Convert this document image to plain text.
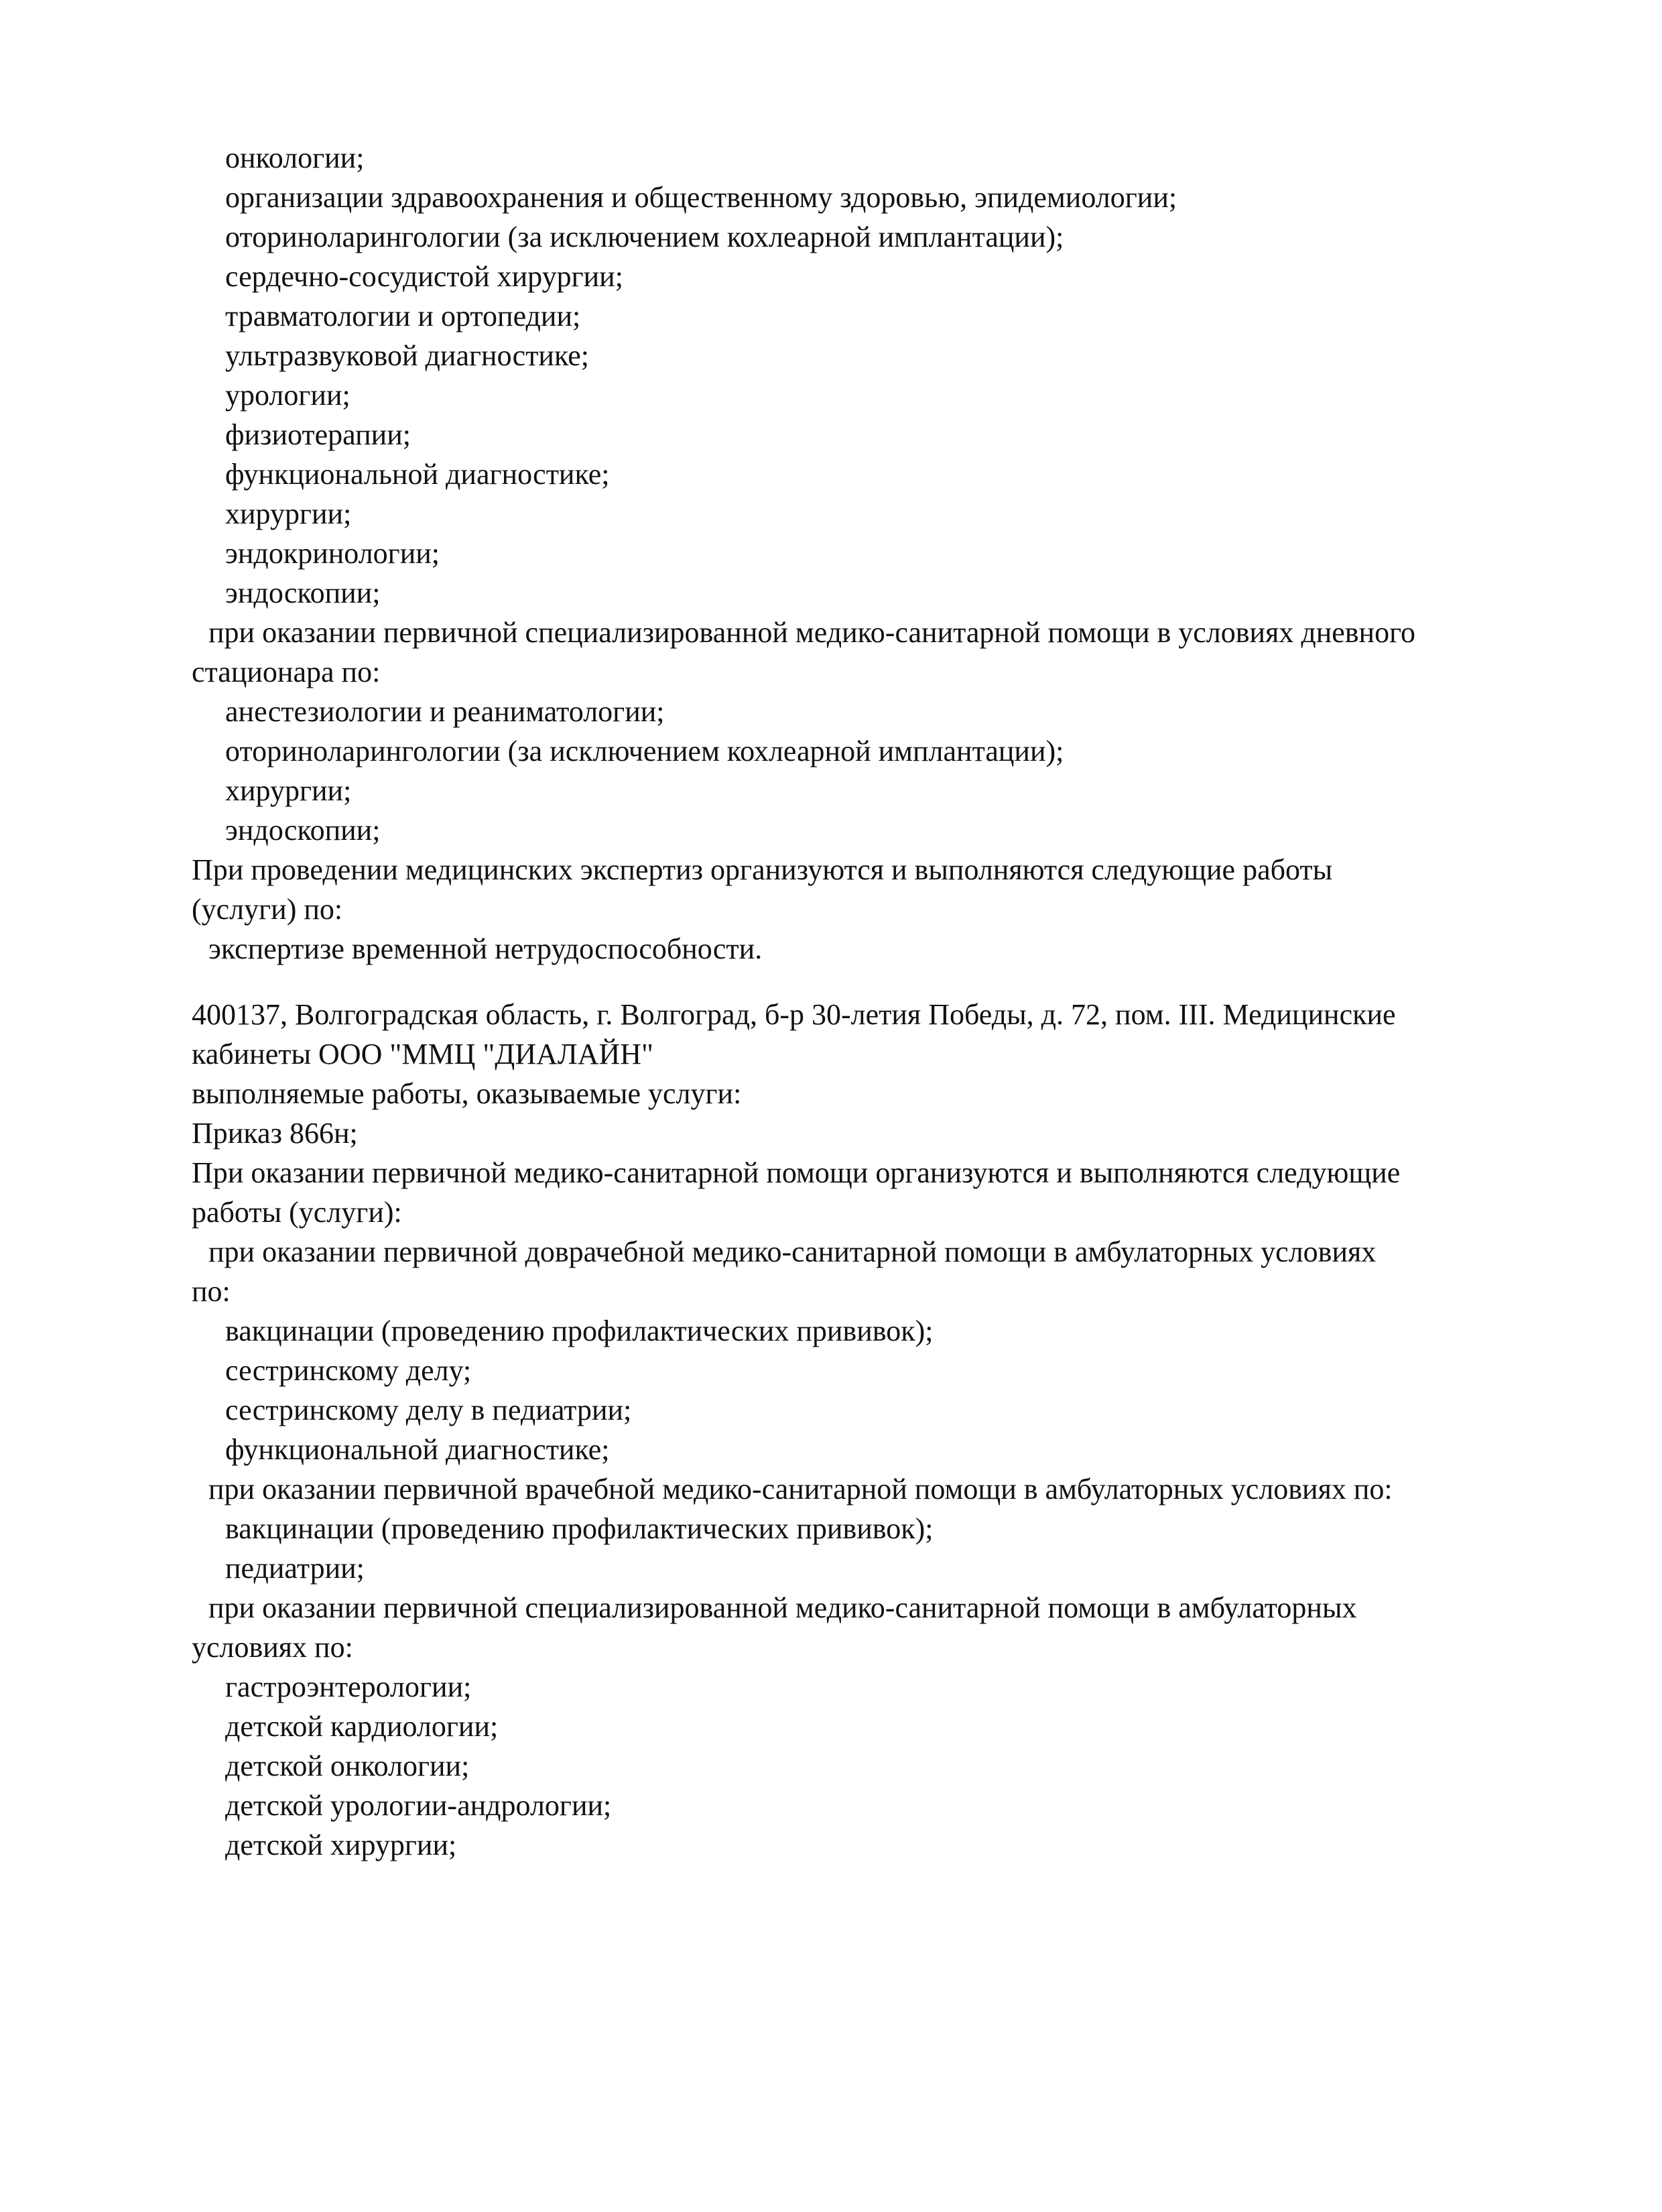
онкологии;
организации здравоохранения и общественному здоровью, эпидемиологии;
оториноларингологии (за исключением кохлеарной имплантации);
сердечно-сосудистой хирургии;
травматологии и ортопедии;
ультразвуковой диагностике;
урологии;
физиотерапии;
функциональной диагностике;
хирургии;
эндокринологии;
эндоскопии;
при оказании первичной специализированной медико-санитарной помощи в условиях дневного
стационара по:
анестезиологии и реаниматологии;
оториноларингологии (за исключением кохлеарной имплантации);
хирургии;
эндоскопии;
При проведении медицинских экспертиз организуются и выполняются следующие работы
(услуги) по:
экспертизе временной нетрудоспособности.
400137, Волгоградская область, г. Волгоград, б-р 30-летия Победы, д. 72, пом. III. Медицинские
кабинеты ООО "ММЦ "ДИАЛАЙН"
выполняемые работы, оказываемые услуги:
Приказ 866н;
При оказании первичной медико-санитарной помощи организуются и выполняются следующие
работы (услуги):
при оказании первичной доврачебной медико-санитарной помощи в амбулаторных условиях
по:
вакцинации (проведению профилактических прививок);
сестринскому делу;
сестринскому делу в педиатрии;
функциональной диагностике;
при оказании первичной врачебной медико-санитарной помощи в амбулаторных условиях по:
вакцинации (проведению профилактических прививок);
педиатрии;
при оказании первичной специализированной медико-санитарной помощи в амбулаторных
условиях по:
гастроэнтерологии;
детской кардиологии;
детской онкологии;
детской урологии-андрологии;
детской хирургии;
